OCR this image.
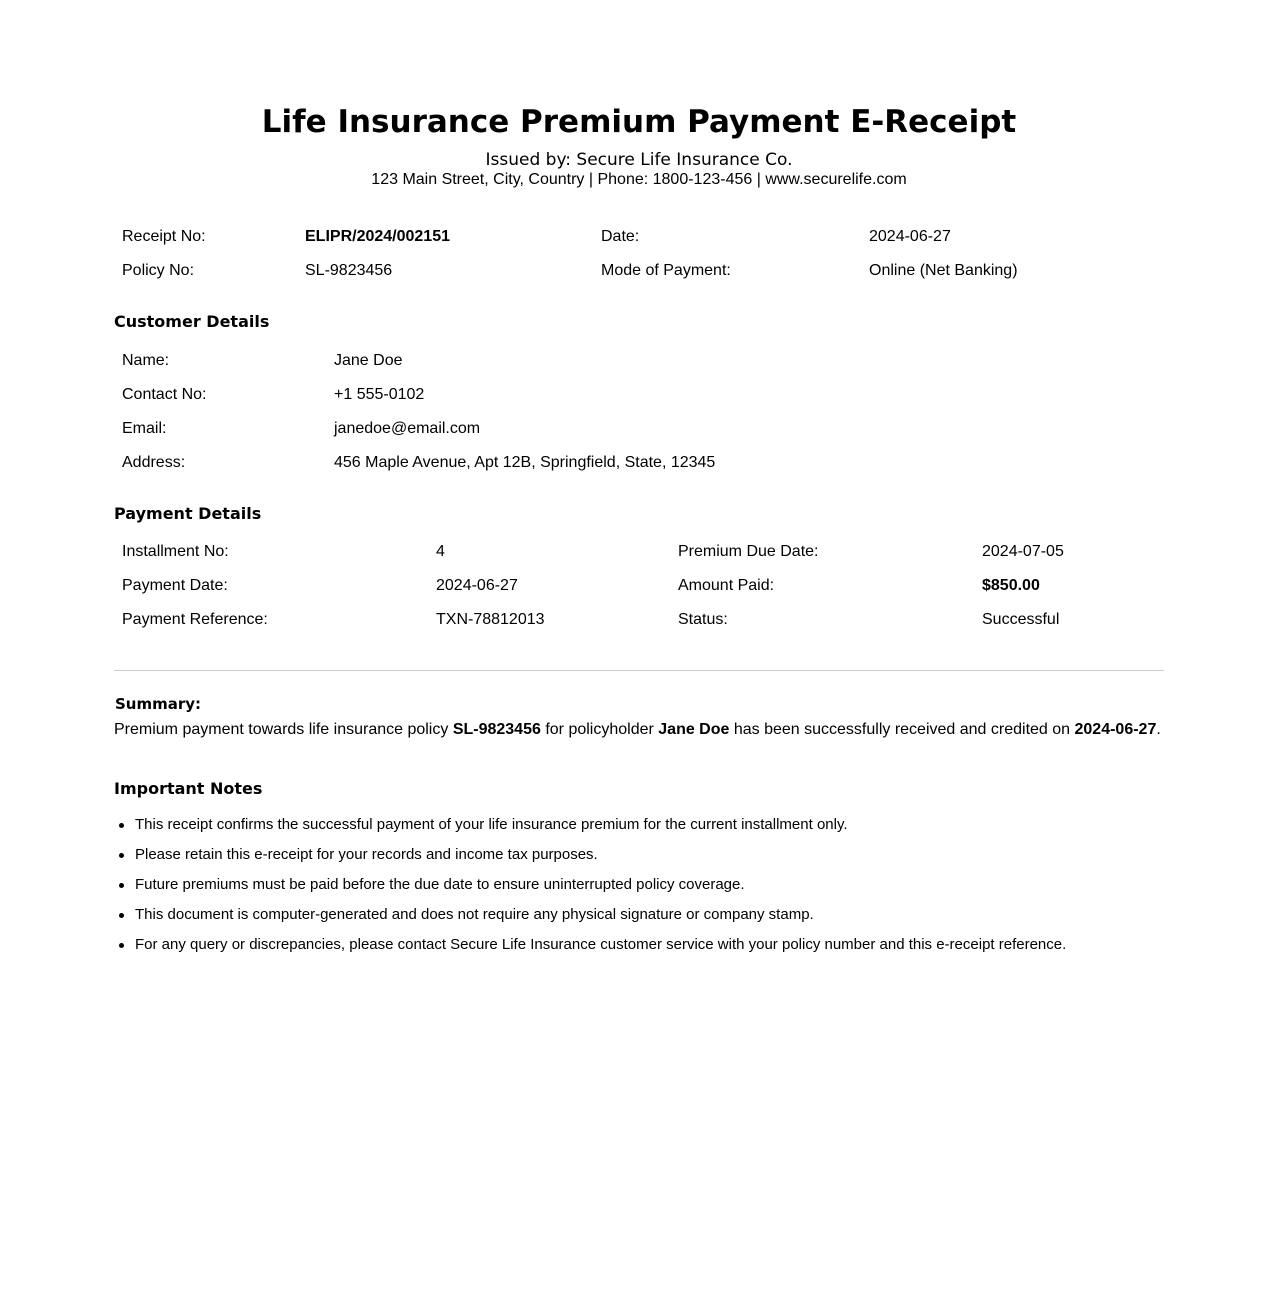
Life Insurance Premium Payment E-Receipt
Issued by: Secure Life Insurance Co.
123 Main Street, City, Country | Phone: 1800-123-456 | www.securelife.com
Receipt No:	ELIPR/2024/002151	Date:	2024-06-27
Policy No:	SL-9823456	Mode of Payment:	Online (Net Banking)
Customer Details
Name:	Jane Doe
Contact No:	+1 555-0102
Email:	janedoe@email.com
Address:	456 Maple Avenue, Apt 12B, Springfield, State, 12345
Payment Details
Installment No:	4	Premium Due Date:	2024-07-05
Payment Date:	2024-06-27	Amount Paid:	$850.00
Payment Reference:	TXN-78812013	Status:	Successful
Summary:
Premium payment towards life insurance policy SL-9823456 for policyholder Jane Doe has been successfully received and credited on 2024-06-27.
Important Notes
This receipt confirms the successful payment of your life insurance premium for the current installment only.
Please retain this e-receipt for your records and income tax purposes.
Future premiums must be paid before the due date to ensure uninterrupted policy coverage.
This document is computer-generated and does not require any physical signature or company stamp.
For any query or discrepancies, please contact Secure Life Insurance customer service with your policy number and this e-receipt reference.
